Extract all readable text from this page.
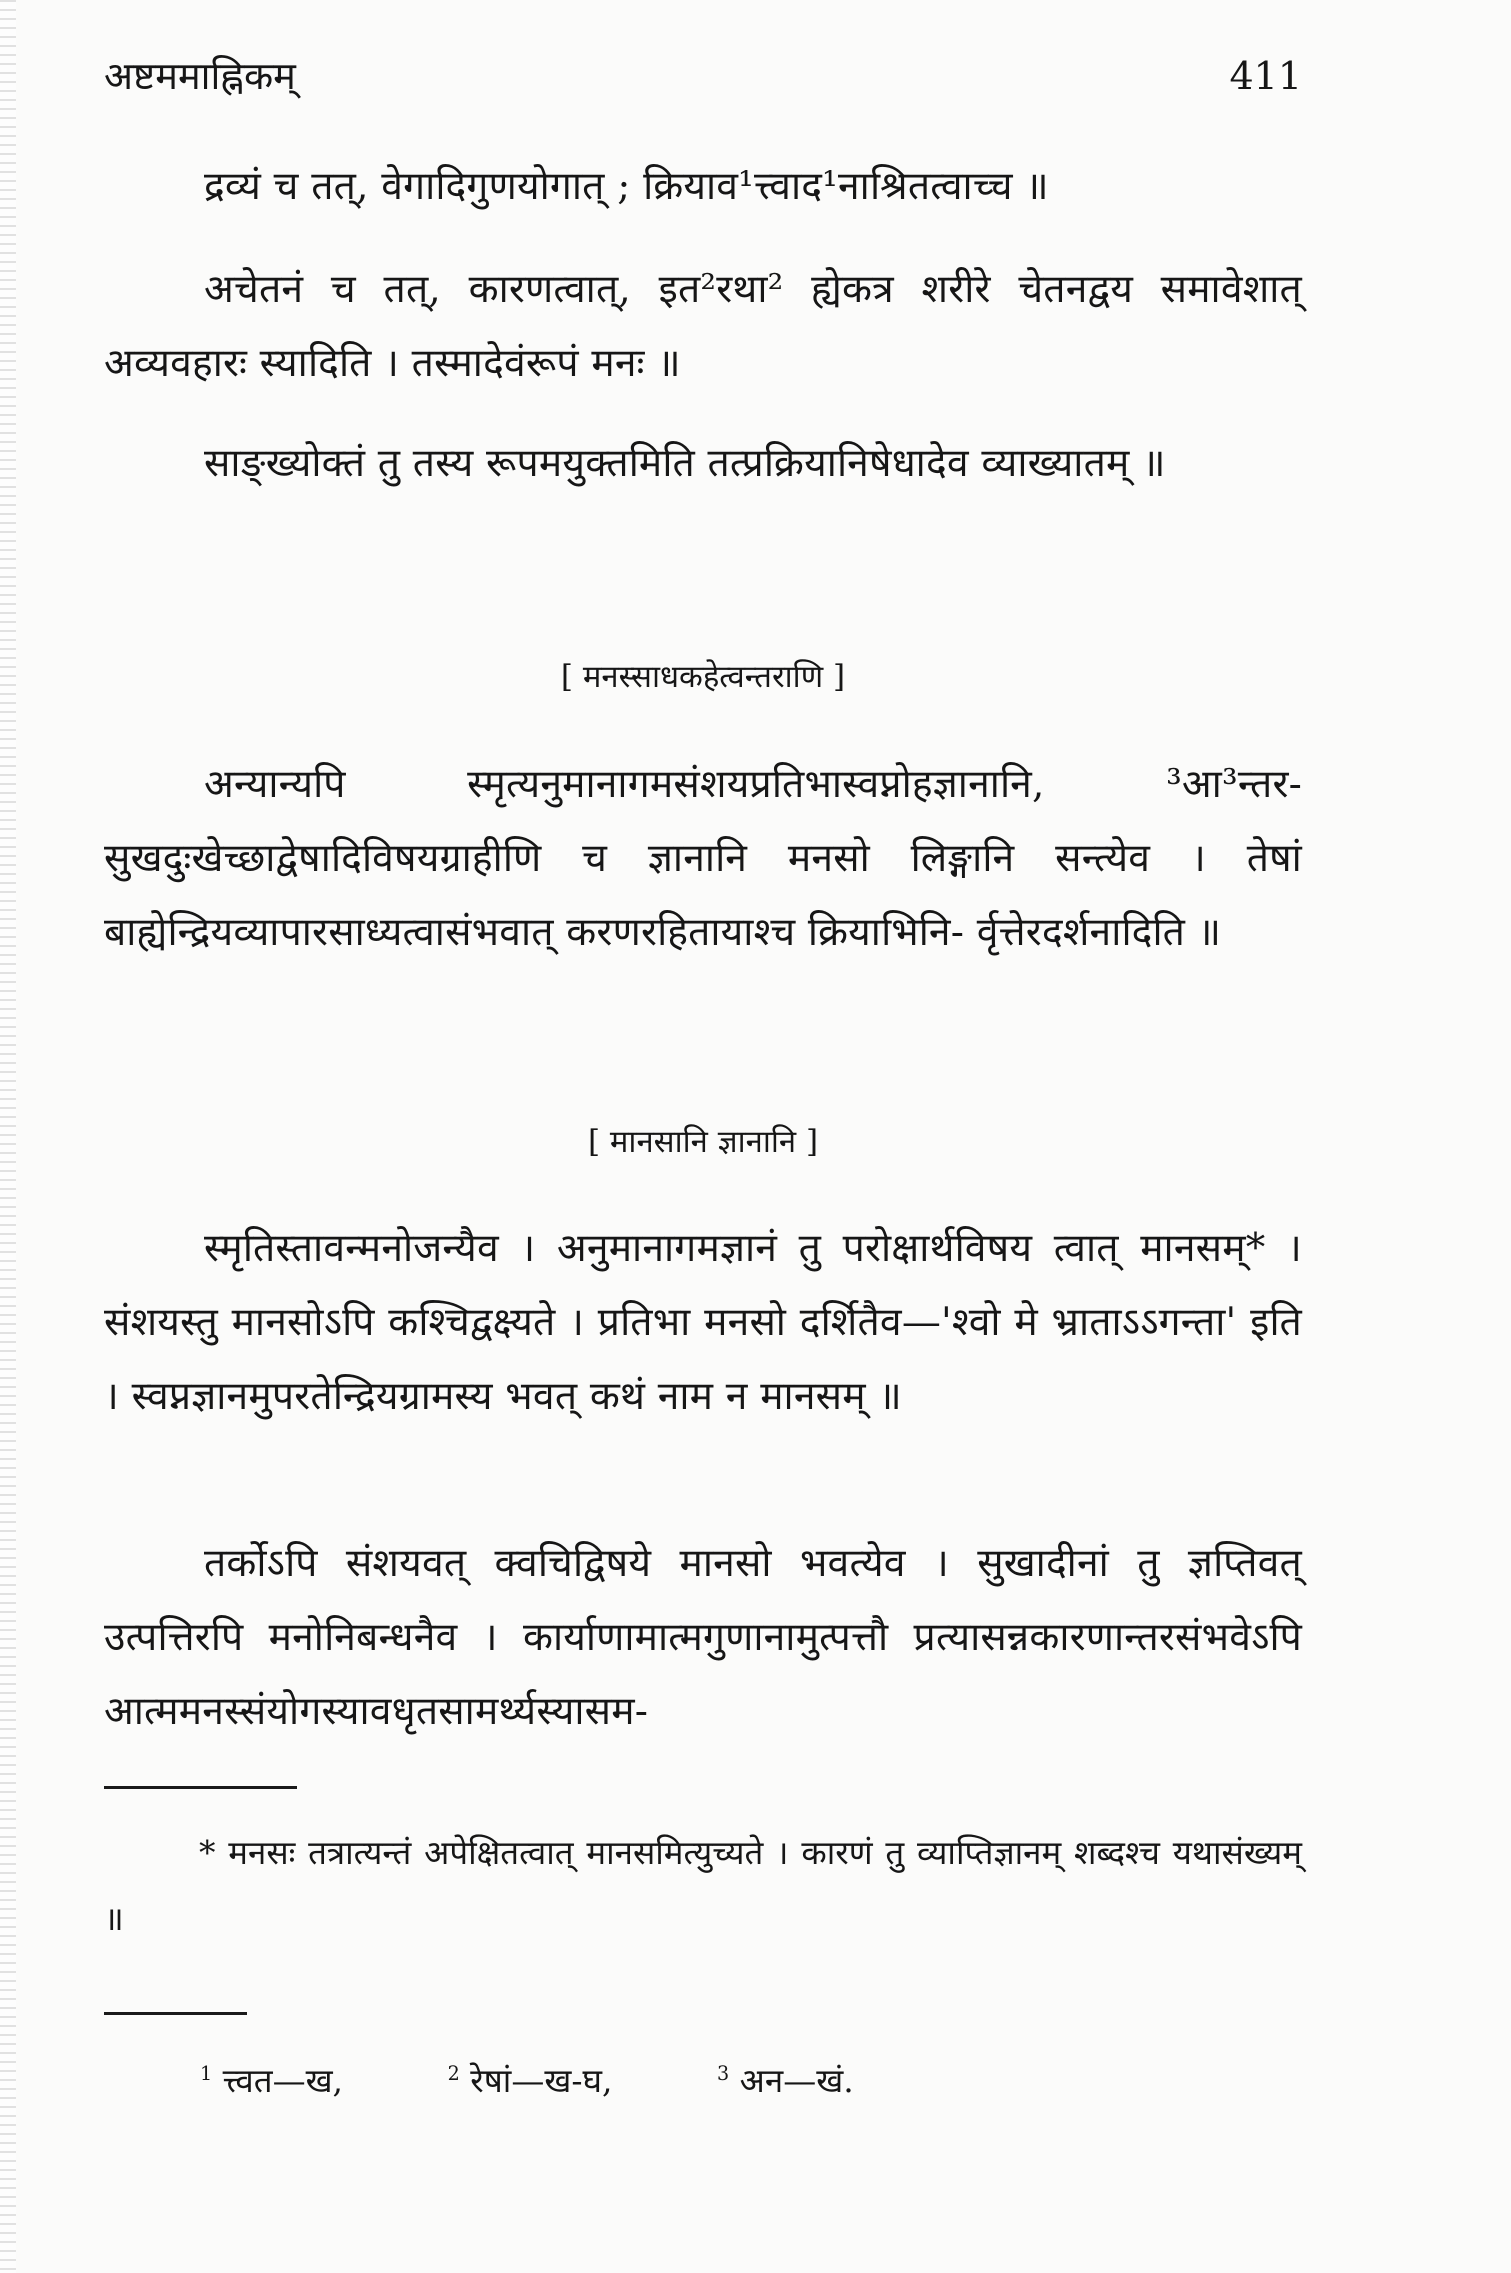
अष्टममाह्निकम्	411

द्रव्यं च तत्, वेगादिगुणयोगात् ; क्रियाव¹त्त्वाद¹नाश्रितत्वाच्च ॥

अचेतनं च तत्, कारणत्वात्, इत²रथा² ह्येकत्र शरीरे चेतनद्वय समावेशात् अव्यवहारः स्यादिति । तस्मादेवंरूपं मनः ॥

साङ्ख्योक्तं तु तस्य रूपमयुक्तमिति तत्प्रक्रियानिषेधादेव व्याख्यातम् ॥

[ मनस्साधकहेत्वन्तराणि ]

अन्यान्यपि स्मृत्यनुमानागमसंशयप्रतिभास्वप्नोहज्ञानानि, ³आ³न्तर- सुखदुःखेच्छाद्वेषादिविषयग्राहीणि च ज्ञानानि मनसो लिङ्गानि सन्त्येव । तेषां बाह्येन्द्रियव्यापारसाध्यत्वासंभवात् करणरहितायाश्च क्रियाभिनि- र्वृत्तेरदर्शनादिति ॥

[ मानसानि ज्ञानानि ]

स्मृतिस्तावन्मनोजन्यैव । अनुमानागमज्ञानं तु परोक्षार्थविषय त्वात् मानसम्* । संशयस्तु मानसोऽपि कश्चिद्वक्ष्यते । प्रतिभा मनसो दर्शितैव—'श्वो मे भ्राताऽऽगन्ता' इति । स्वप्नज्ञानमुपरतेन्द्रियग्रामस्य भवत् कथं नाम न मानसम् ॥

तर्कोऽपि संशयवत् क्वचिद्विषये मानसो भवत्येव । सुखादीनां तु ज्ञप्तिवत् उत्पत्तिरपि मनोनिबन्धनैव । कार्याणामात्मगुणानामुत्पत्तौ प्रत्यासन्नकारणान्तरसंभवेऽपि आत्ममनस्संयोगस्यावधृतसामर्थ्यस्यासम-

* मनसः तत्रात्यन्तं अपेक्षितत्वात् मानसमित्युच्यते । कारणं तु व्याप्तिज्ञानम् शब्दश्च यथासंख्यम् ॥

$^1$ त्त्वत—ख,	$^2$ रेषां—ख-घ,	$^3$ अन—खं.
